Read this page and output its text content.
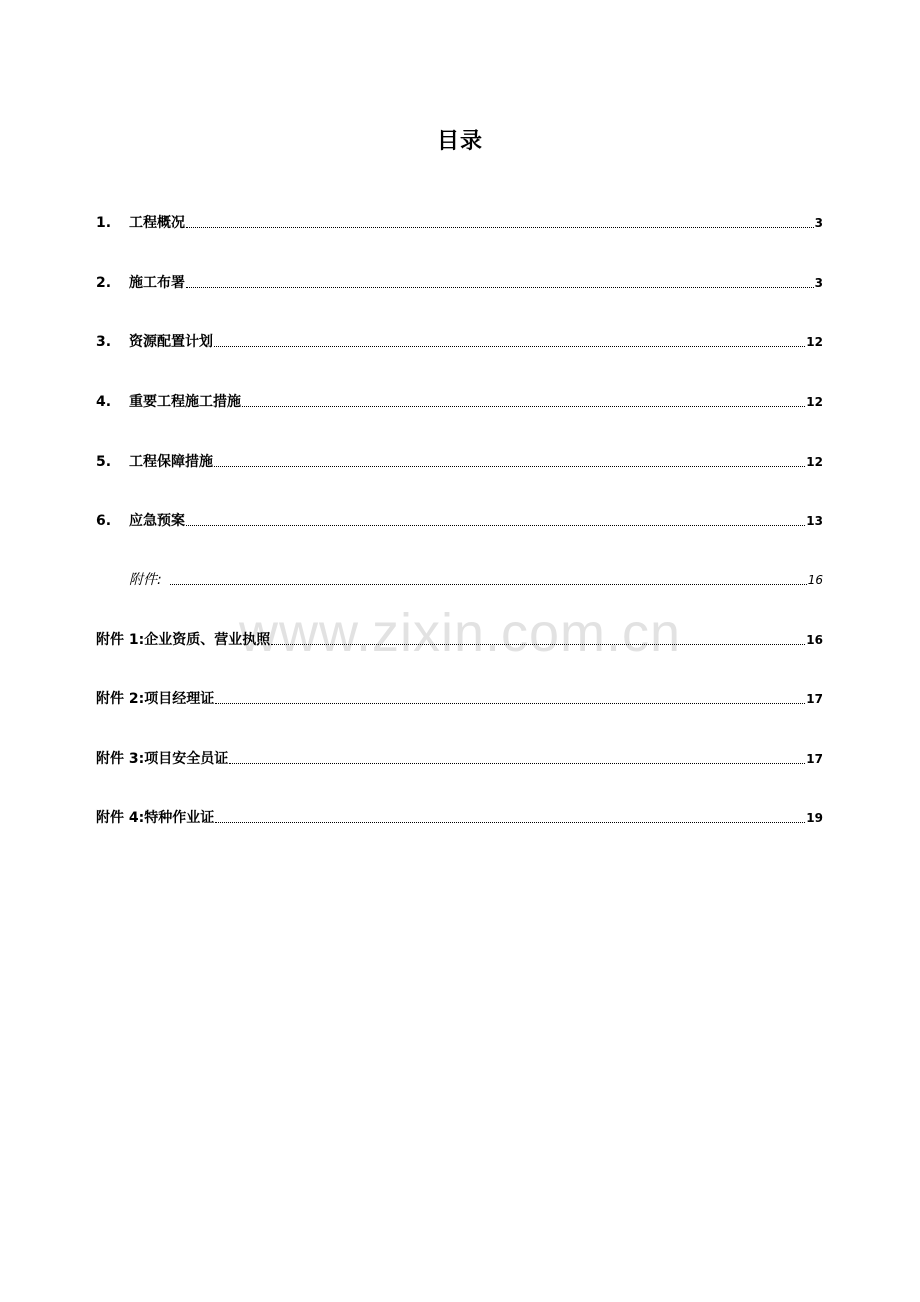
目录
www.zixin.com.cn
1.	工程概况	3
2.	施工布署	3
3.	资源配置计划	12
4.	重要工程施工措施	12
5.	工程保障措施	12
6.	应急预案	13
附件:	16
附件 1:企业资质、营业执照	16
附件 2:项目经理证	17
附件 3:项目安全员证	17
附件 4:特种作业证	19
